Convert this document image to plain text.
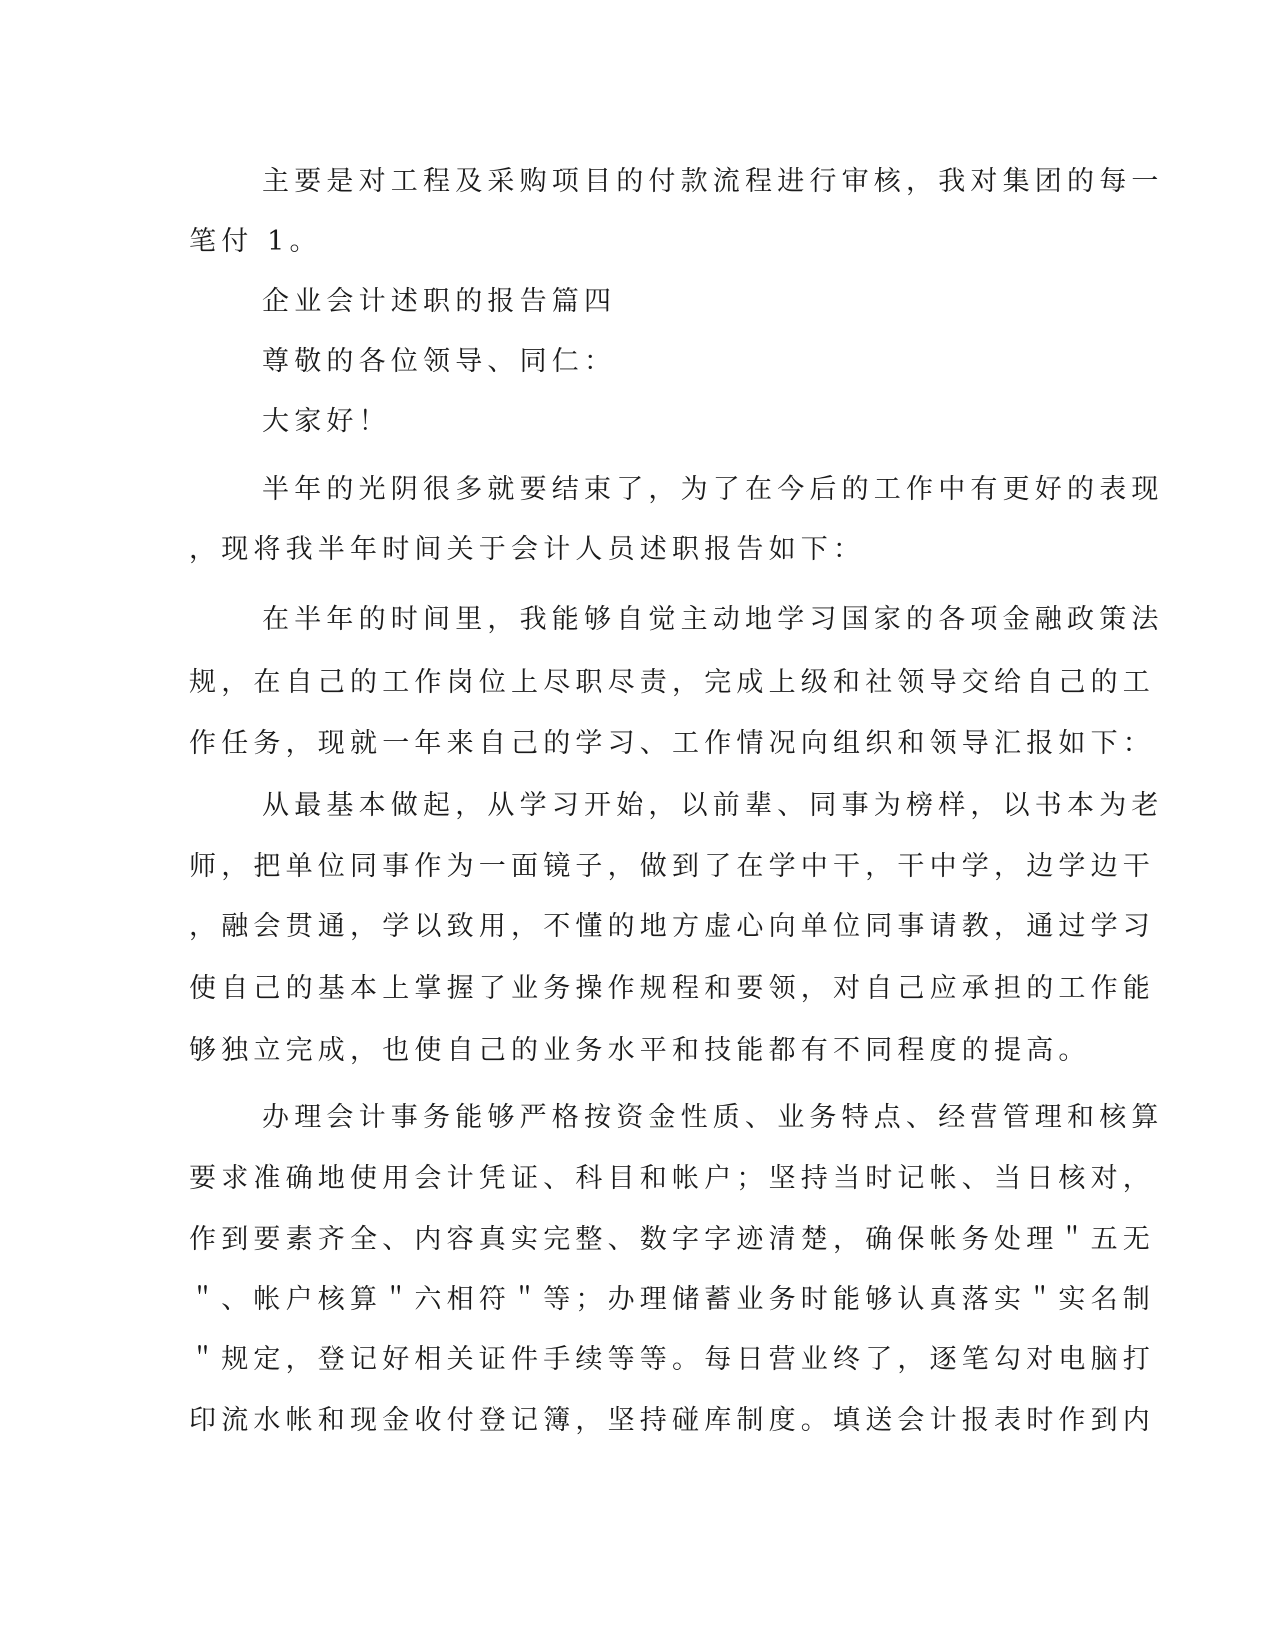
主要是对工程及采购项目的付款流程进行审核，我对集团的每一
笔付 1。
企业会计述职的报告篇四
尊敬的各位领导、同仁：
大家好！
半年的光阴很多就要结束了，为了在今后的工作中有更好的表现
，现将我半年时间关于会计人员述职报告如下：
在半年的时间里，我能够自觉主动地学习国家的各项金融政策法
规，在自己的工作岗位上尽职尽责，完成上级和社领导交给自己的工
作任务，现就一年来自己的学习、工作情况向组织和领导汇报如下：
从最基本做起，从学习开始，以前辈、同事为榜样，以书本为老
师，把单位同事作为一面镜子，做到了在学中干，干中学，边学边干
，融会贯通，学以致用，不懂的地方虚心向单位同事请教，通过学习
使自己的基本上掌握了业务操作规程和要领，对自己应承担的工作能
够独立完成，也使自己的业务水平和技能都有不同程度的提高。
办理会计事务能够严格按资金性质、业务特点、经营管理和核算
要求准确地使用会计凭证、科目和帐户；坚持当时记帐、当日核对，
作到要素齐全、内容真实完整、数字字迹清楚，确保帐务处理＂五无
＂、帐户核算＂六相符＂等；办理储蓄业务时能够认真落实＂实名制
＂规定，登记好相关证件手续等等。每日营业终了，逐笔勾对电脑打
印流水帐和现金收付登记簿，坚持碰库制度。填送会计报表时作到内
